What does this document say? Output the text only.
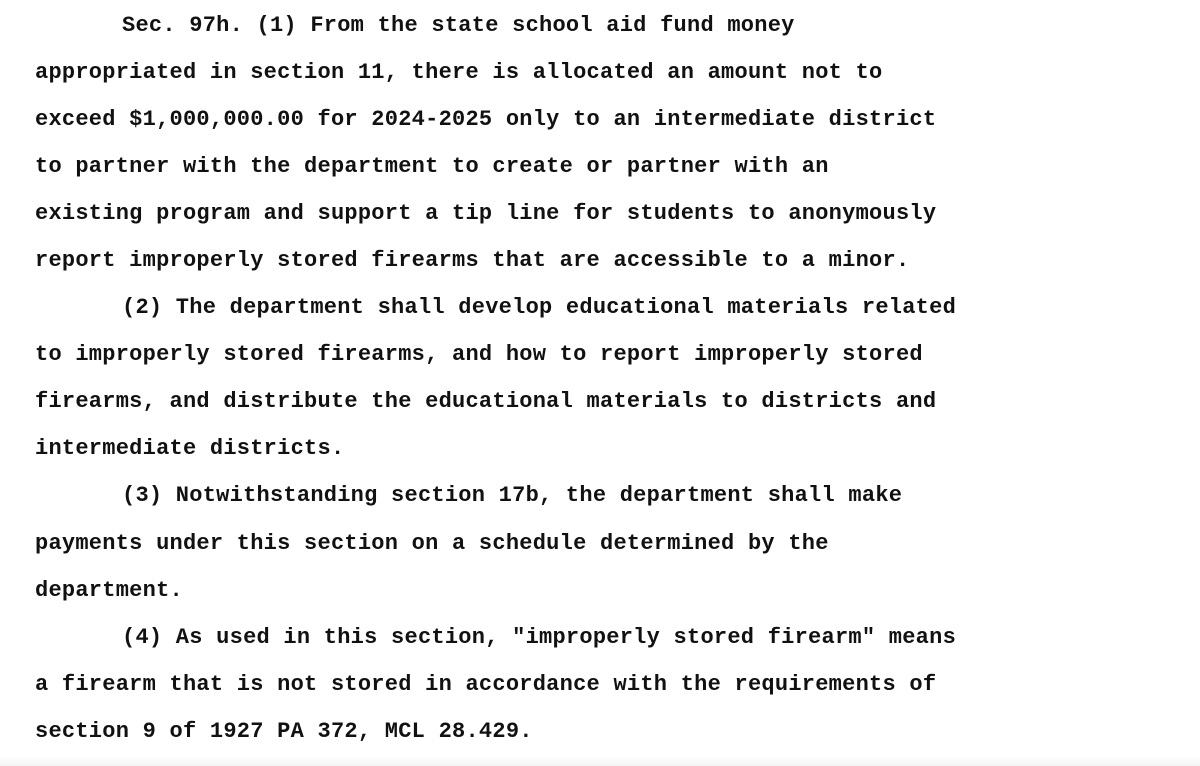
Sec. 97h. (1) From the state school aid fund money
appropriated in section 11, there is allocated an amount not to
exceed $1,000,000.00 for 2024-2025 only to an intermediate district
to partner with the department to create or partner with an
existing program and support a tip line for students to anonymously
report improperly stored firearms that are accessible to a minor.
(2) The department shall develop educational materials related
to improperly stored firearms, and how to report improperly stored
firearms, and distribute the educational materials to districts and
intermediate districts.
(3) Notwithstanding section 17b, the department shall make
payments under this section on a schedule determined by the
department.
(4) As used in this section, "improperly stored firearm" means
a firearm that is not stored in accordance with the requirements of
section 9 of 1927 PA 372, MCL 28.429.
